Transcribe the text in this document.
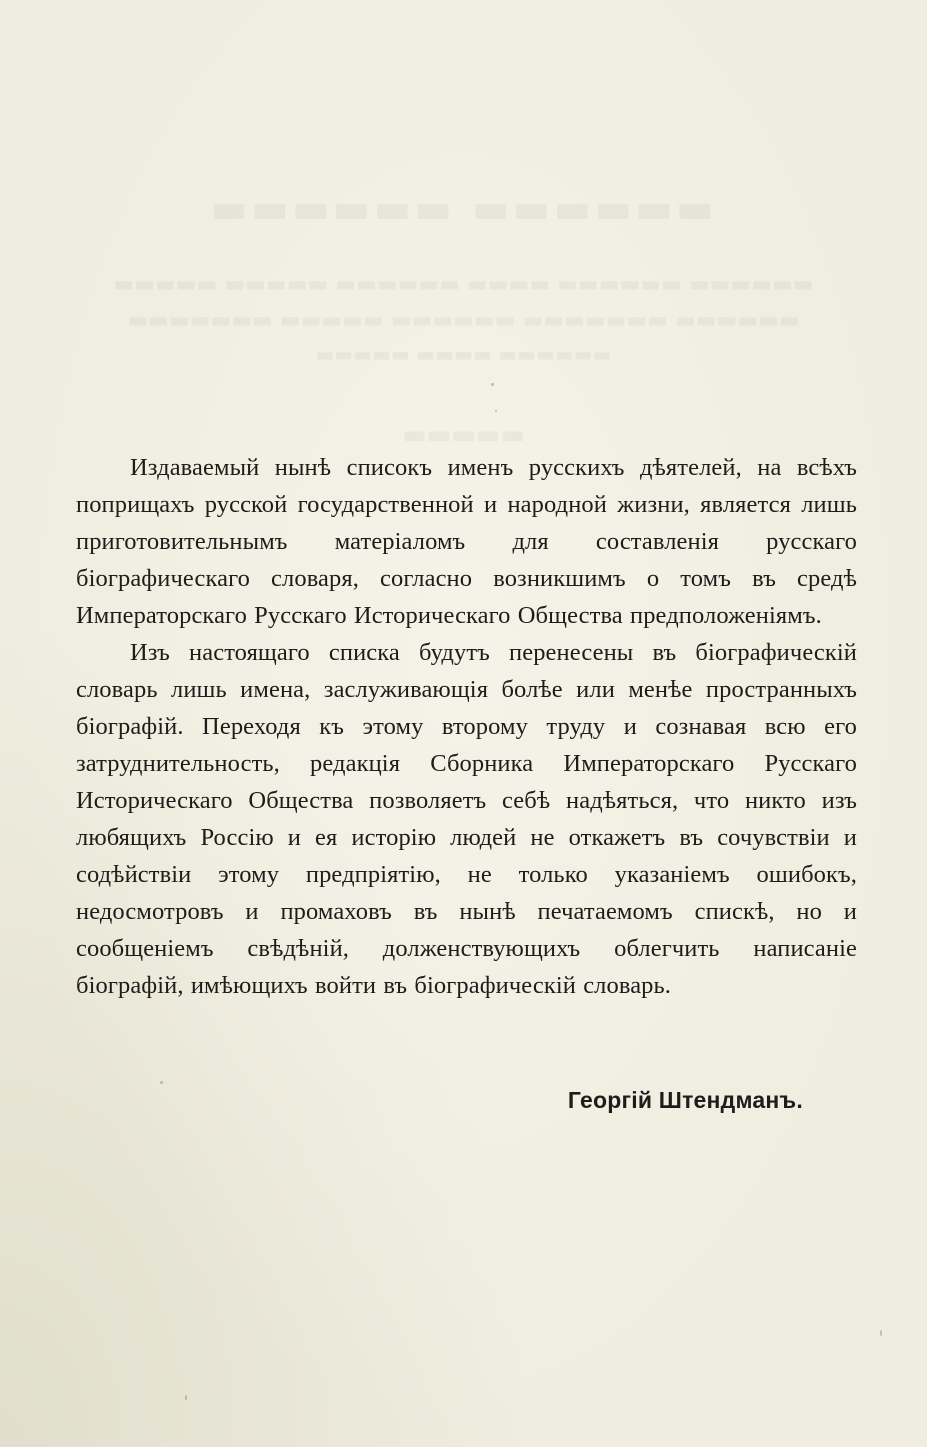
▬▬▬▬▬▬ ▬▬▬▬▬▬
▬▬▬▬▬ ▬▬▬▬▬ ▬▬▬▬▬▬ ▬▬▬▬ ▬▬▬▬▬▬ ▬▬▬▬▬▬
▬▬▬▬▬▬▬ ▬▬▬▬▬ ▬▬▬▬▬▬ ▬▬▬▬▬▬▬ ▬▬▬▬▬▬
▬▬▬▬▬ ▬▬▬▬ ▬▬▬▬▬▬
▬▬▬▬▬

Издаваемый нынѣ списокъ именъ русскихъ дѣятелей, на всѣхъ поприщахъ русской государственной и народной жизни, является лишь приготовительнымъ матеріаломъ для составленія русскаго біографическаго словаря, согласно возникшимъ о томъ въ средѣ Императорскаго Русскаго Историческаго Общества предположеніямъ.

Изъ настоящаго списка будутъ перенесены въ біографическій словарь лишь имена, заслуживающія болѣе или менѣе пространныхъ біографій. Переходя къ этому второму труду и сознавая всю его затруднительность, редакція Сборника Императорскаго Русскаго Историческаго Общества позволяетъ себѣ надѣяться, что никто изъ любящихъ Россію и ея исторію людей не откажетъ въ сочувствіи и содѣйствіи этому предпріятію, не только указаніемъ ошибокъ, недосмотровъ и промаховъ въ нынѣ печатаемомъ спискѣ, но и сообщеніемъ свѣдѣній, долженствующихъ облегчить написаніе біографій, имѣющихъ войти въ біографическій словарь.

Георгій Штендманъ.
